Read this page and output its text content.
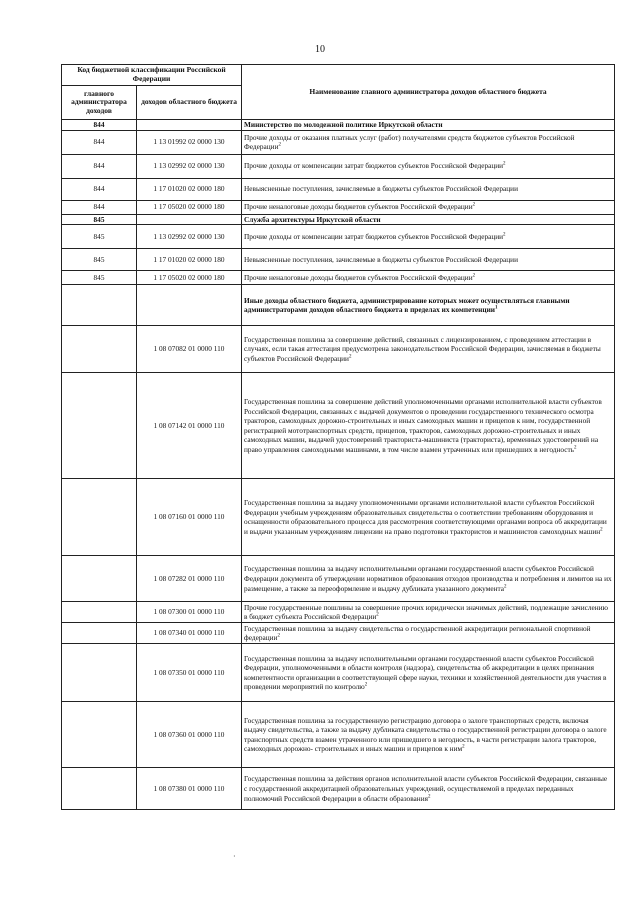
10
Код бюджетной классификации Российской Федерации		Наименование главного администратора доходов областного бюджета
главного администратора доходов	доходов областного бюджета	
844		Министерство по молодежной политике Иркутской области
844	1 13 01992 02 0000 130	Прочие доходы от оказания платных услуг (работ) получателями средств бюджетов субъектов Российской Федерации$^2$
844	1 13 02992 02 0000 130	Прочие доходы от компенсации затрат бюджетов субъектов Российской Федерации$^2$
844	1 17 01020 02 0000 180	Невыясненные поступления, зачисляемые в бюджеты субъектов Российской Федерации
844	1 17 05020 02 0000 180	Прочие неналоговые доходы бюджетов субъектов Российской Федерации$^2$
845		Служба архитектуры Иркутской области
845	1 13 02992 02 0000 130	Прочие доходы от компенсации затрат бюджетов субъектов Российской Федерации$^2$
845	1 17 01020 02 0000 180	Невыясненные поступления, зачисляемые в бюджеты субъектов Российской Федерации
845	1 17 05020 02 0000 180	Прочие неналоговые доходы бюджетов субъектов Российской Федерации$^2$
		Иные доходы областного бюджета, администрирование которых может осуществляться главными администраторами доходов областного бюджета в пределах их компетенции$^1$
	1 08 07082 01 0000 110	Государственная пошлина за совершение действий, связанных с лицензированием, с проведением аттестации в случаях, если такая аттестация предусмотрена законодательством Российской Федерации, зачисляемая в бюджеты субъектов Российской Федерации$^2$
	1 08 07142 01 0000 110	Государственная пошлина за совершение действий уполномоченными органами исполнительной власти субъектов Российской Федерации, связанных с выдачей документов о проведении государственного технического осмотра тракторов, самоходных дорожно-строительных и иных самоходных машин и прицепов к ним, государственной регистрацией мототранспортных средств, прицепов, тракторов, самоходных дорожно-строительных и иных самоходных машин, выдачей удостоверений тракториста-машиниста (тракториста), временных удостоверений на право управления самоходными машинами, в том числе взамен утраченных или пришедших в негодность$^2$
	1 08 07160 01 0000 110	Государственная пошлина за выдачу уполномоченными органами исполнительной власти субъектов Российской Федерации учебным учреждениям образовательных свидетельства о соответствии требованиям оборудования и оснащенности образовательного процесса для рассмотрения соответствующими органами вопроса об аккредитации и выдачи указанным учреждениям лицензии на право подготовки трактористов и машинистов самоходных машин$^2$
	1 08 07282 01 0000 110	Государственная пошлина за выдачу исполнительными органами государственной власти субъектов Российской Федерации документа об утверждении нормативов образования отходов производства и потребления и лимитов на их размещение, а также за переоформление и выдачу дубликата указанного документа$^2$
	1 08 07300 01 0000 110	Прочие государственные пошлины за совершение прочих юридически значимых действий, подлежащие зачислению в бюджет субъекта Российской Федерации$^2$
	1 08 07340 01 0000 110	Государственная пошлина за выдачу свидетельства о государственной аккредитации региональной спортивной федерации$^2$
	1 08 07350 01 0000 110	Государственная пошлина за выдачу исполнительными органами государственной власти субъектов Российской Федерации, уполномоченными в области контроля (надзора), свидетельства об аккредитации в целях признания компетентности организации в соответствующей сфере науки, техники и хозяйственной деятельности для участия в проведении мероприятий по контролю$^2$
	1 08 07360 01 0000 110	Государственная пошлина за государственную регистрацию договора о залоге транспортных средств, включая выдачу свидетельства, а также за выдачу дубликата свидетельства о государственной регистрации договора о залоге транспортных средств взамен утраченного или пришедшего в негодность, в части регистрации залога тракторов, самоходных дорожно- строительных и иных машин и прицепов к ним$^2$
	1 08 07380 01 0000 110	Государственная пошлина за действия органов исполнительной власти субъектов Российской Федерации, связанные с государственной аккредитацией образовательных учреждений, осуществляемой в пределах переданных полномочий Российской Федерации в области образования$^2$
·
